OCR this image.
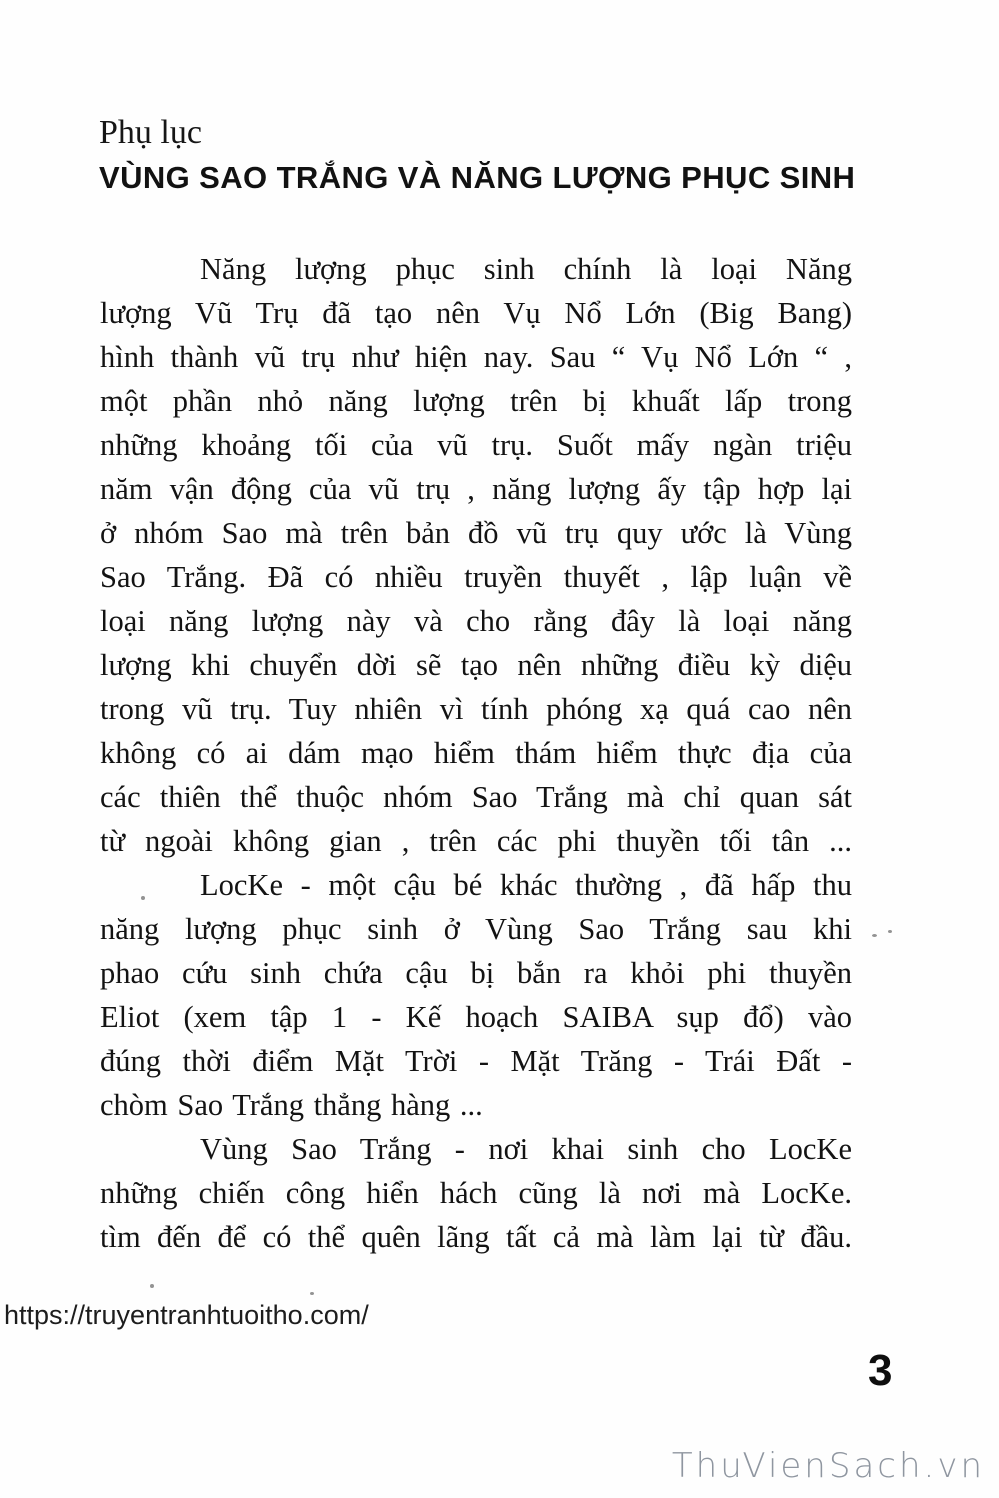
Phụ lục
VÙNG SAO TRẮNG VÀ NĂNG LƯỢNG PHỤC SINH
Năng lượng phục sinh chính là loại Năng
lượng Vũ Trụ đã tạo nên Vụ Nổ Lớn (Big Bang)
hình thành vũ trụ như hiện nay. Sau “ Vụ Nổ Lớn “ ,
một phần nhỏ năng lượng trên bị khuất lấp trong
những khoảng tối của vũ trụ. Suốt mấy ngàn triệu
năm vận động của vũ trụ , năng lượng ấy tập hợp lại
ở nhóm Sao mà trên bản đồ vũ trụ quy ước là Vùng
Sao Trắng. Đã có nhiều truyền thuyết , lập luận về
loại năng lượng này và cho rằng đây là loại năng
lượng khi chuyển dời sẽ tạo nên những điều kỳ diệu
trong vũ trụ. Tuy nhiên vì tính phóng xạ quá cao nên
không có ai dám mạo hiểm thám hiểm thực địa của
các thiên thể thuộc nhóm Sao Trắng mà chỉ quan sát
từ ngoài không gian , trên các phi thuyền tối tân ...
LocKe - một cậu bé khác thường , đã hấp thu
năng lượng phục sinh ở Vùng Sao Trắng sau khi
phao cứu sinh chứa cậu bị bắn ra khỏi phi thuyền
Eliot (xem tập 1 - Kế hoạch SAIBA sụp đổ) vào
đúng thời điểm Mặt Trời - Mặt Trăng - Trái Đất -
chòm Sao Trắng thẳng hàng ...
Vùng Sao Trắng - nơi khai sinh cho LocKe
những chiến công hiển hách cũng là nơi mà LocKe.
tìm đến để có thể quên lãng tất cả mà làm lại từ đầu.
https://truyentranhtuoitho.com/
3
ThuVienSach.vn
